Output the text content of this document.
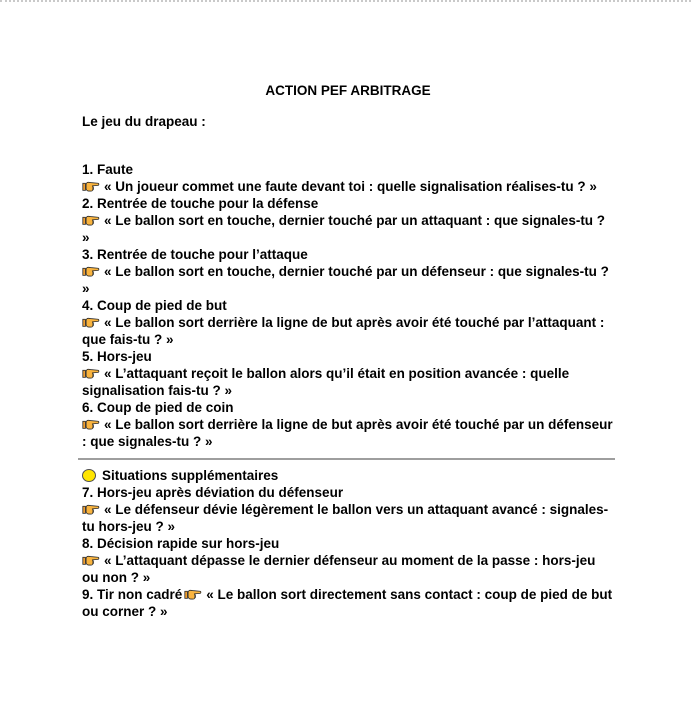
ACTION PEF ARBITRAGE

Le jeu du drapeau :

1. Faute

« Un joueur commet une faute devant toi : quelle signalisation réalises-tu ? »

2. Rentrée de touche pour la défense

« Le ballon sort en touche, dernier touché par un attaquant : que signales-tu ? »

3. Rentrée de touche pour l’attaque

« Le ballon sort en touche, dernier touché par un défenseur : que signales-tu ? »

4. Coup de pied de but

« Le ballon sort derrière la ligne de but après avoir été touché par l’attaquant : que fais-tu ? »

5. Hors-jeu

« L’attaquant reçoit le ballon alors qu’il était en position avancée : quelle signalisation fais-tu ? »

6. Coup de pied de coin

« Le ballon sort derrière la ligne de but après avoir été touché par un défenseur : que signales-tu ? »

Situations supplémentaires

7. Hors-jeu après déviation du défenseur

« Le défenseur dévie légèrement le ballon vers un attaquant avancé : signales-tu hors-jeu ? »

8. Décision rapide sur hors-jeu

« L’attaquant dépasse le dernier défenseur au moment de la passe : hors-jeu ou non ? »

9. Tir non cadré « Le ballon sort directement sans contact : coup de pied de but ou corner ? »
